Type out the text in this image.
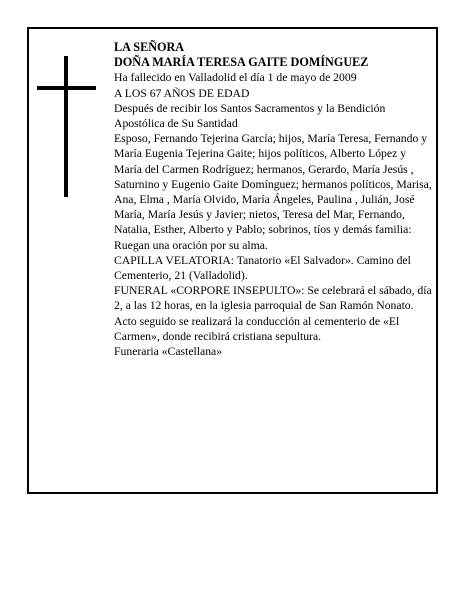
LA SEÑORA

DOÑA MARÍA TERESA GAITE DOMÍNGUEZ

Ha fallecido en Valladolid el día 1 de mayo de 2009

A LOS 67 AÑOS DE EDAD

Después de recibir los Santos Sacramentos y la Bendición Apostólica de Su Santidad

Esposo, Fernando Tejerina García; hijos, María Teresa, Fernando y María Eugenia Tejerina Gaite; hijos políticos, Alberto López y María del Carmen Rodríguez; hermanos, Gerardo, María Jesús , Saturnino y Eugenio Gaite Domínguez; hermanos políticos, Marisa, Ana, Elma , María Olvido, María Ángeles, Paulina , Julián, José María, María Jesús y Javier; nietos, Teresa del Mar, Fernando, Natalia, Esther, Alberto y Pablo; sobrinos, tíos y demás familia:

Ruegan una oración por su alma.

CAPILLA VELATORIA: Tanatorio «El Salvador». Camino del Cementerio, 21 (Valladolid).

FUNERAL «CORPORE INSEPULTO»: Se celebrará el sábado, día 2, a las 12 horas, en la iglesia parroquial de San Ramón Nonato. Acto seguido se realizará la conducción al cementerio de «El Carmen», donde recibirá cristiana sepultura.

Funeraria «Castellana»
